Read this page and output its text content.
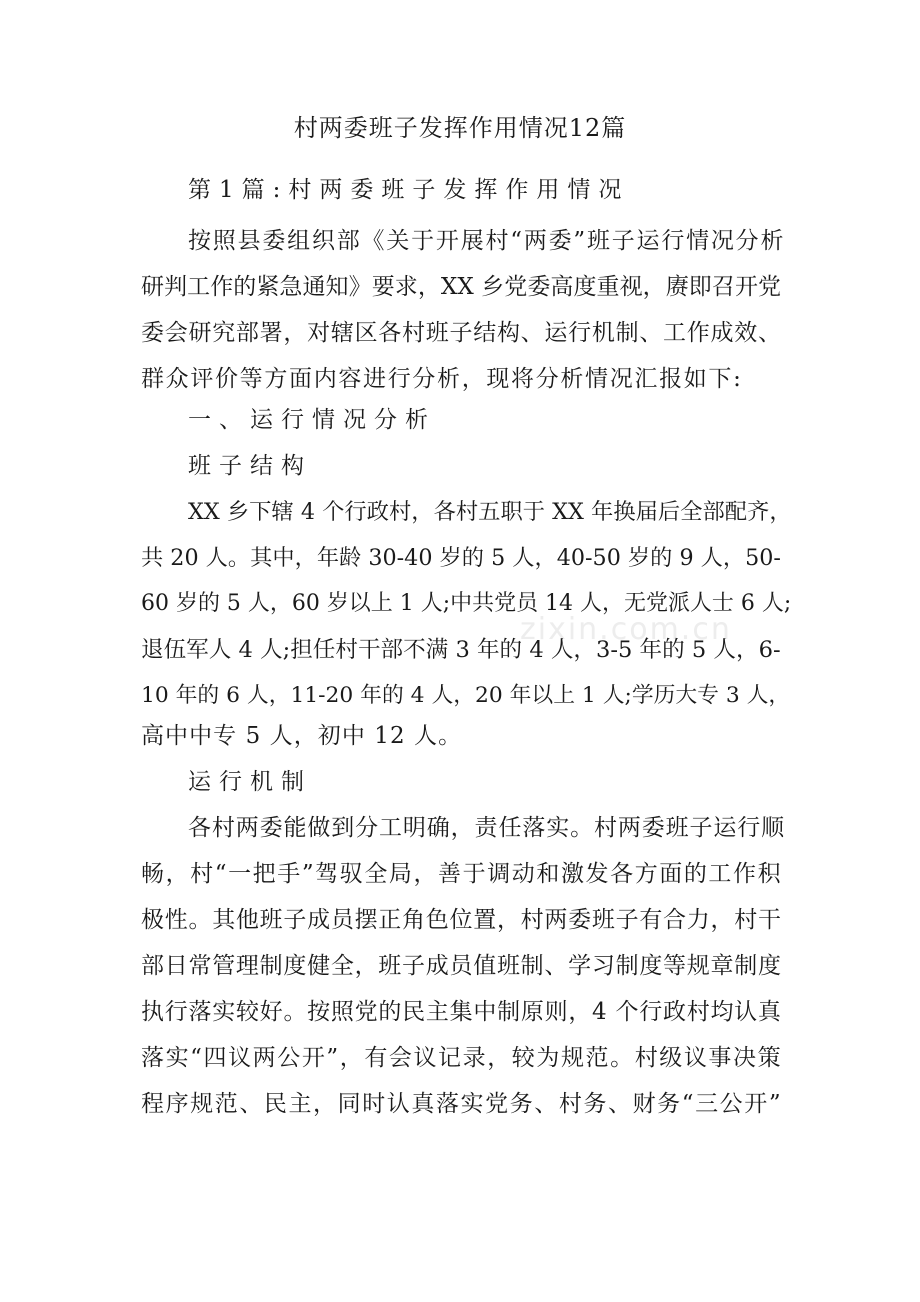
zixin.com.cn
村两委班子发挥作用情况12篇
第1篇:村两委班子发挥作用情况
按照县委组织部《关于开展村“两委”班子运行情况分析
研判工作的紧急通知》要求，XX 乡党委高度重视，赓即召开党
委会研究部署，对辖区各村班子结构、运行机制、工作成效、
群众评价等方面内容进行分析，现将分析情况汇报如下:
一、运行情况分析
班子结构
XX 乡下辖 4 个行政村，各村五职于 XX 年换届后全部配齐，
共 20 人。其中，年龄 30-40 岁的 5 人，40-50 岁的 9 人，50-
60 岁的 5 人，60 岁以上 1 人;中共党员 14 人，无党派人士 6 人;
退伍军人 4 人;担任村干部不满 3 年的 4 人，3-5 年的 5 人，6-
10 年的 6 人，11-20 年的 4 人，20 年以上 1 人;学历大专 3 人，
高中中专 5 人，初中 12 人。
运行机制
各村两委能做到分工明确，责任落实。村两委班子运行顺
畅，村“一把手”驾驭全局，善于调动和激发各方面的工作积
极性。其他班子成员摆正角色位置，村两委班子有合力，村干
部日常管理制度健全，班子成员值班制、学习制度等规章制度
执行落实较好。按照党的民主集中制原则，4 个行政村均认真
落实“四议两公开”，有会议记录，较为规范。村级议事决策
程序规范、民主，同时认真落实党务、村务、财务“三公开”
